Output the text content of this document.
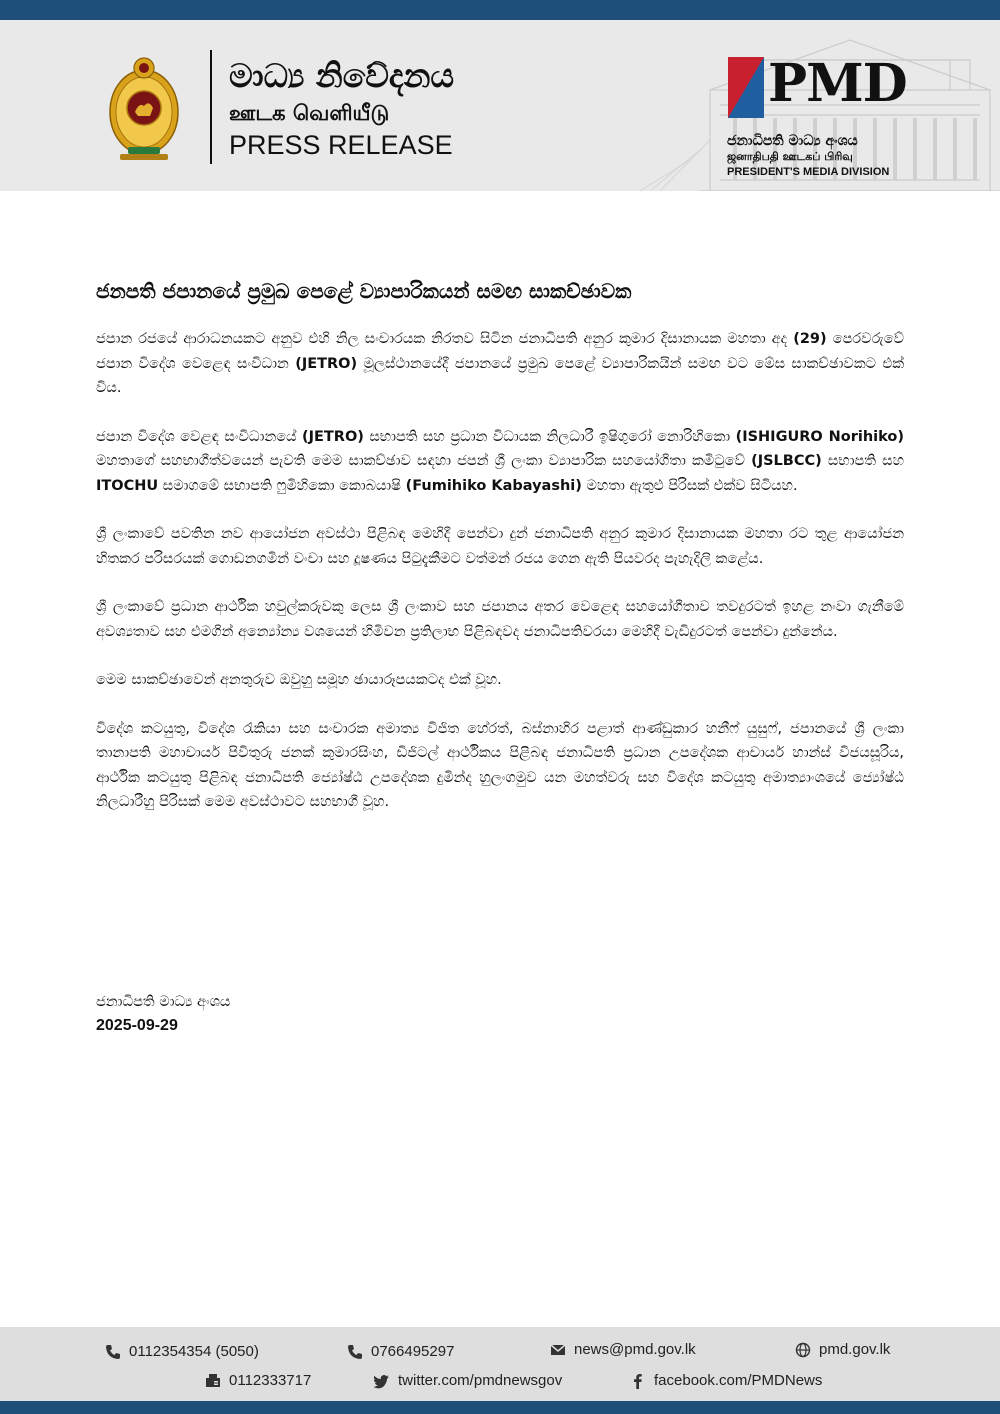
මාධ්‍ය නිවේදනය
ஊடக வெளியீடு
PRESS RELEASE
PMD
ජනාධිපති මාධ්‍ය අංශය
ஜனாதிபதி ஊடகப் பிரிவு
PRESIDENT'S MEDIA DIVISION
ජනපති ජපානයේ ප්‍රමුඛ පෙළේ ව්‍යාපාරිකයන් සමඟ සාකච්ඡාවක

ජපාන රජයේ ආරාධනයකට අනුව එහි නිල සංචාරයක නිරතව සිටින ජනාධිපති අනුර කුමාර දිසානායක මහතා අද (29) පෙරවරුවේ ජපාන විදේශ වෙළෙඳ සංවිධාන (JETRO) මූලස්ථානයේදී ජපානයේ ප්‍රමුඛ පෙළේ ව්‍යාපාරිකයින් සමඟ වට මේස සාකච්ඡාවකට එක් විය.

ජපාන විදේශ වෙළඳ සංවිධානයේ (JETRO) සභාපති සහ ප්‍රධාන විධායක නිලධාරී ඉෂිගුරෝ නොරිහිකො (ISHIGURO Norihiko) මහතාගේ සහභාගීත්වයෙන් පැවති මෙම සාකච්ඡාව සඳහා ජපන් ශ්‍රී ලංකා ව්‍යාපාරික සහයෝගිතා කමිටුවේ (JSLBCC) සභාපති සහ ITOCHU සමාගමේ සභාපති ෆුමිහිකො කොබයාෂි (Fumihiko Kabayashi) මහතා ඇතුළු පිරිසක් එක්ව සිටියහ.

ශ්‍රී ලංකාවේ පවතින නව ආයෝජන අවස්ථා පිළිබඳ මෙහිදී පෙන්වා දුන් ජනාධිපති අනුර කුමාර දිසානායක මහතා රට තුළ ආයෝජන හිතකර පරිසරයක් ගොඩනගමින් වංචා සහ දූෂණය පිටුදැකීමට වත්මන් රජය ගෙන ඇති පියවරද පැහැදිලි කළේය.

ශ්‍රී ලංකාවේ ප්‍රධාන ආර්ථික හවුල්කරුවකු ලෙස ශ්‍රී ලංකාව සහ ජපානය අතර වෙළෙඳ සහයෝගීතාව තවදුරටත් ඉහළ නංවා ගැනීමේ අවශ්‍යතාව සහ එමගින් අන්‍යෝන්‍ය වශයෙන් හිමිවන ප්‍රතිලාභ පිළිබඳවද ජනාධිපතිවරයා මෙහිදී වැඩිදුරටත් පෙන්වා දුන්නේය.

මෙම සාකච්ඡාවෙන් අනතුරුව ඔවුහු සමූහ ඡායාරූපයකටද එක් වූහ.

විදේශ කටයුතු, විදේශ රැකියා සහ සංචාරක අමාත්‍ය විජිත හේරත්, බස්නාහිර පළාත් ආණ්ඩුකාර හනීෆ් යුසුෆ්, ජපානයේ ශ්‍රී ලංකා තානාපති මහාචාර්ය පිවිතුරු ජනක් කුමාරසිංහ, ඩිජිටල් ආර්ථිකය පිළිබඳ ජනාධිපති ප්‍රධාන උපදේශක ආචාර්ය හාන්ස් විජයසූරිය, ආර්ථික කටයුතු පිළිබඳ ජනාධිපති ජ්‍යෝෂ්ඨ උපදේශක දුමින්ද හුලංගමුව යන මහත්වරු සහ විදේශ කටයුතු අමාත්‍යාංශයේ ජ්‍යෝෂ්ඨ නිලධාරීහු පිරිසක් මෙම අවස්ථාවට සහභාගී වූහ.

ජනාධිපති මාධ්‍ය අංශය
2025-09-29
0112354354 (5050)	0766495297	news@pmd.gov.lk	pmd.gov.lk
0112333717	twitter.com/pmdnewsgov	facebook.com/PMDNews
